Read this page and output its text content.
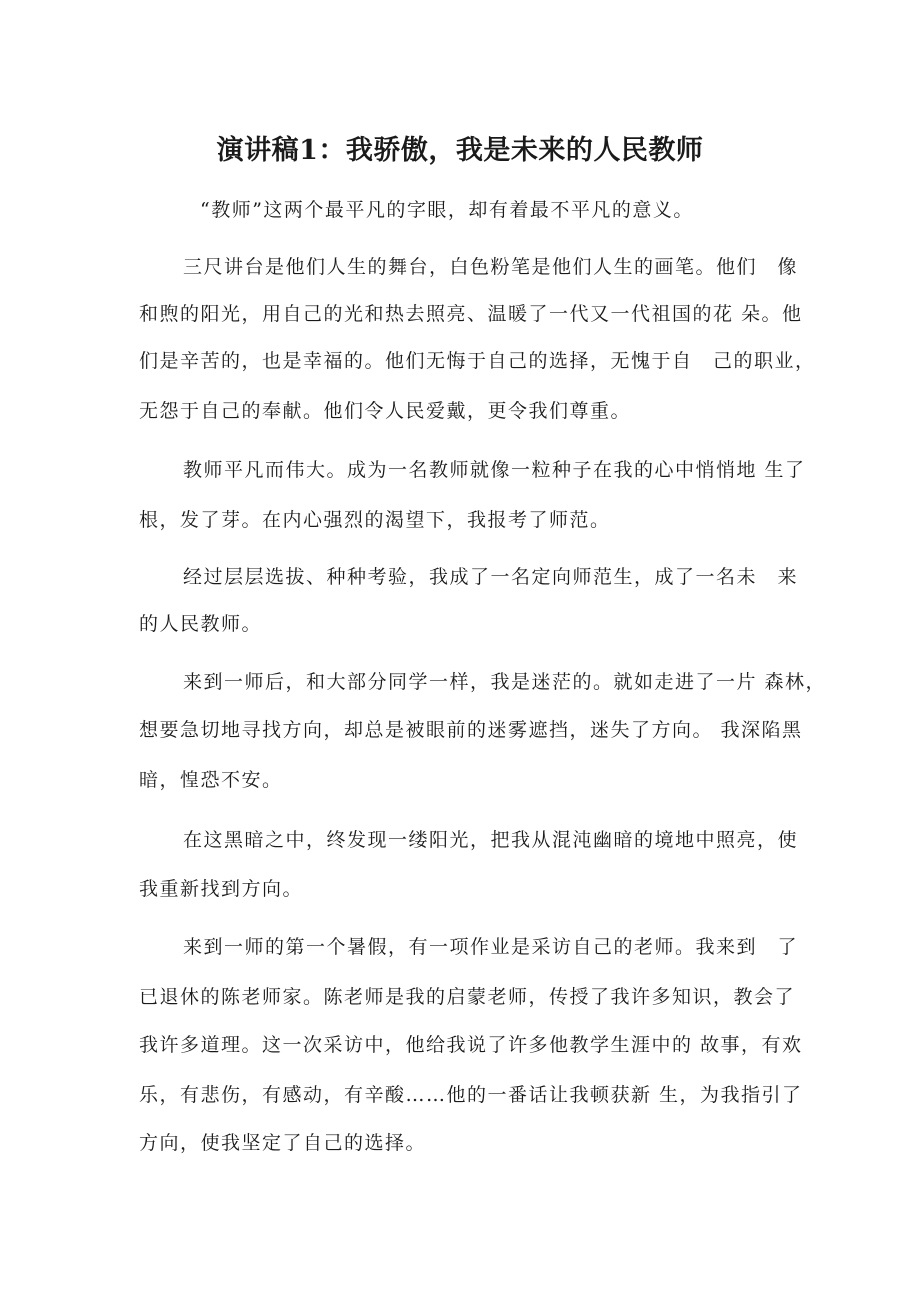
演讲稿1：我骄傲，我是未来的人民教师
“教师”这两个最平凡的字眼，却有着最不平凡的意义。
三尺讲台是他们人生的舞台，白色粉笔是他们人生的画笔。他们　像
和煦的阳光，用自己的光和热去照亮、温暖了一代又一代祖国的花 朵。他
们是辛苦的，也是幸福的。他们无悔于自己的选择，无愧于自　己的职业，
无怨于自己的奉献。他们令人民爱戴，更令我们尊重。
教师平凡而伟大。成为一名教师就像一粒种子在我的心中悄悄地 生了
根，发了芽。在内心强烈的渴望下，我报考了师范。
经过层层选拔、种种考验，我成了一名定向师范生，成了一名未　来
的人民教师。
来到一师后，和大部分同学一样，我是迷茫的。就如走进了一片 森林，
想要急切地寻找方向，却总是被眼前的迷雾遮挡，迷失了方向。 我深陷黑
暗，惶恐不安。
在这黑暗之中，终发现一缕阳光，把我从混沌幽暗的境地中照亮，使
我重新找到方向。
来到一师的第一个暑假，有一项作业是采访自己的老师。我来到　了
已退休的陈老师家。陈老师是我的启蒙老师，传授了我许多知识，教会了
我许多道理。这一次采访中，他给我说了许多他教学生涯中的 故事，有欢
乐，有悲伤，有感动，有辛酸……他的一番话让我顿获新 生，为我指引了
方向，使我坚定了自己的选择。
